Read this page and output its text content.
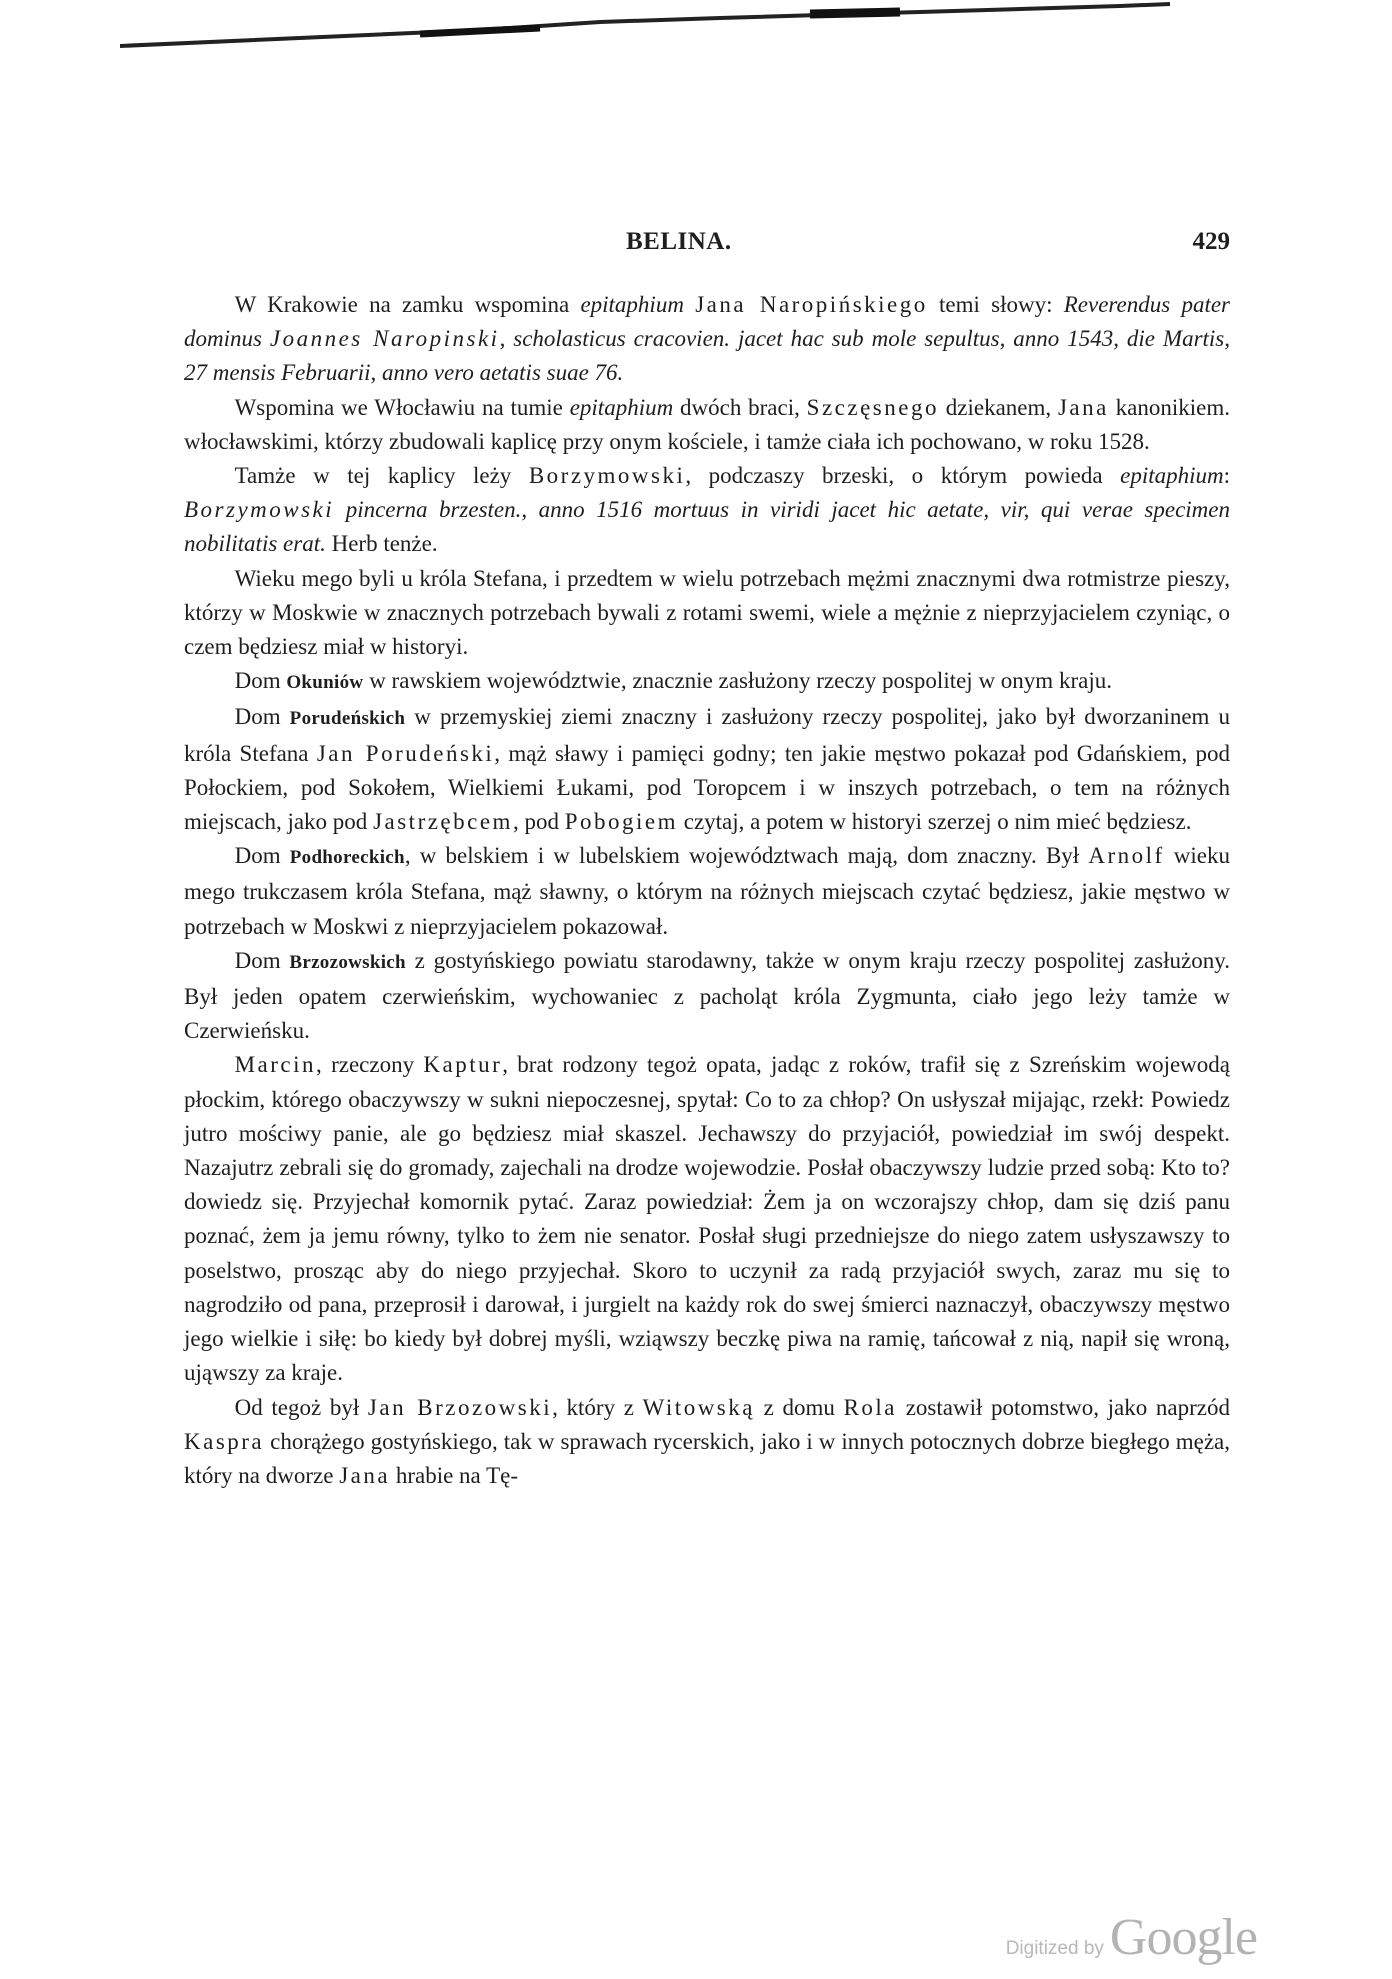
BELINA.	429

W Krakowie na zamku wspomina epitaphium Jana Naropińskiego temi słowy: Reverendus pater dominus Joannes Naropinski, scholasticus cracovien. jacet hac sub mole sepultus, anno 1543, die Martis, 27 mensis Februarii, anno vero aetatis suae 76.

Wspomina we Włocławiu na tumie epitaphium dwóch braci, Szczęsnego dziekanem, Jana kanonikiem. włocławskimi, którzy zbudowali kaplicę przy onym kościele, i tamże ciała ich pochowano, w roku 1528.

Tamże w tej kaplicy leży Borzymowski, podczaszy brzeski, o którym powieda epitaphium: Borzymowski pincerna brzesten., anno 1516 mortuus in viridi jacet hic aetate, vir, qui verae specimen nobilitatis erat. Herb tenże.

Wieku mego byli u króla Stefana, i przedtem w wielu potrzebach mężmi znacznymi dwa rotmistrze pieszy, którzy w Moskwie w znacznych potrzebach bywali z rotami swemi, wiele a mężnie z nieprzyjacielem czyniąc, o czem będziesz miał w historyi.

Dom Okuniów w rawskiem województwie, znacznie zasłużony rzeczy pospolitej w onym kraju.

Dom Porudeńskich w przemyskiej ziemi znaczny i zasłużony rzeczy pospolitej, jako był dworzaninem u króla Stefana Jan Porudeński, mąż sławy i pamięci godny; ten jakie męstwo pokazał pod Gdańskiem, pod Połockiem, pod Sokołem, Wielkiemi Łukami, pod Toropcem i w inszych potrzebach, o tem na różnych miejscach, jako pod Jastrzębcem, pod Pobogiem czytaj, a potem w historyi szerzej o nim mieć będziesz.

Dom Podhoreckich, w belskiem i w lubelskiem województwach mają, dom znaczny. Był Arnolf wieku mego trukczasem króla Stefana, mąż sławny, o którym na różnych miejscach czytać będziesz, jakie męstwo w potrzebach w Moskwi z nieprzyjacielem pokazował.

Dom Brzozowskich z gostyńskiego powiatu starodawny, także w onym kraju rzeczy pospolitej zasłużony. Był jeden opatem czerwieńskim, wychowaniec z pacholąt króla Zygmunta, ciało jego leży tamże w Czerwieńsku.

Marcin, rzeczony Kaptur, brat rodzony tegoż opata, jadąc z roków, trafił się z Szreńskim wojewodą płockim, którego obaczywszy w sukni niepoczesnej, spytał: Co to za chłop? On usłyszał mijając, rzekł: Powiedz jutro mościwy panie, ale go będziesz miał skaszel. Jechawszy do przyjaciół, powiedział im swój despekt. Nazajutrz zebrali się do gromady, zajechali na drodze wojewodzie. Posłał obaczywszy ludzie przed sobą: Kto to? dowiedz się. Przyjechał komornik pytać. Zaraz powiedział: Żem ja on wczorajszy chłop, dam się dziś panu poznać, żem ja jemu równy, tylko to żem nie senator. Posłał sługi przedniejsze do niego zatem usłyszawszy to poselstwo, prosząc aby do niego przyjechał. Skoro to uczynił za radą przyjaciół swych, zaraz mu się to nagrodziło od pana, przeprosił i darował, i jurgielt na każdy rok do swej śmierci naznaczył, obaczywszy męstwo jego wielkie i siłę: bo kiedy był dobrej myśli, wziąwszy beczkę piwa na ramię, tańcował z nią, napił się wroną, ująwszy za kraje.

Od tegoż był Jan Brzozowski, który z Witowską z domu Rola zostawił potomstwo, jako naprzód Kaspra chorążego gostyńskiego, tak w sprawach rycerskich, jako i w innych potocznych dobrze biegłego męża, który na dworze Jana hrabie na Tę-

Digitized by Google
